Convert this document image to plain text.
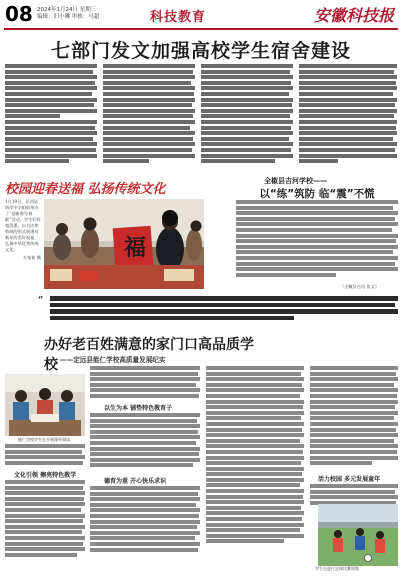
08 2024年1月24日 星期三
编辑：旧小琳 审核：马超	科技教育	安徽科技报
七部门发文加强高校学生宿舍建设
校园迎春送福 弘扬传统文化

1月19日，岳西县海岸中学组织举办了“迎新春写春联”活动，学生们挥毫泼墨，以书法和剪纸的形式展现对新年的美好祝福，弘扬中华优秀传统文化。

万家裕 摄	福
全椒县吉河学校——
以“练”筑防 临“震”不慌
（全椒县吉河 张文）
“
办好老百姓满意的家门口高品质学校 ——定远县能仁学校高质量发展纪实
能仁学校学生在开展课外阅读
文化引领 擦亮特色教学
以生为本 铺垫特色教育子
德育为重 开心快乐求识	活力校园 多元发展童年
学生在进行足球比赛训练
